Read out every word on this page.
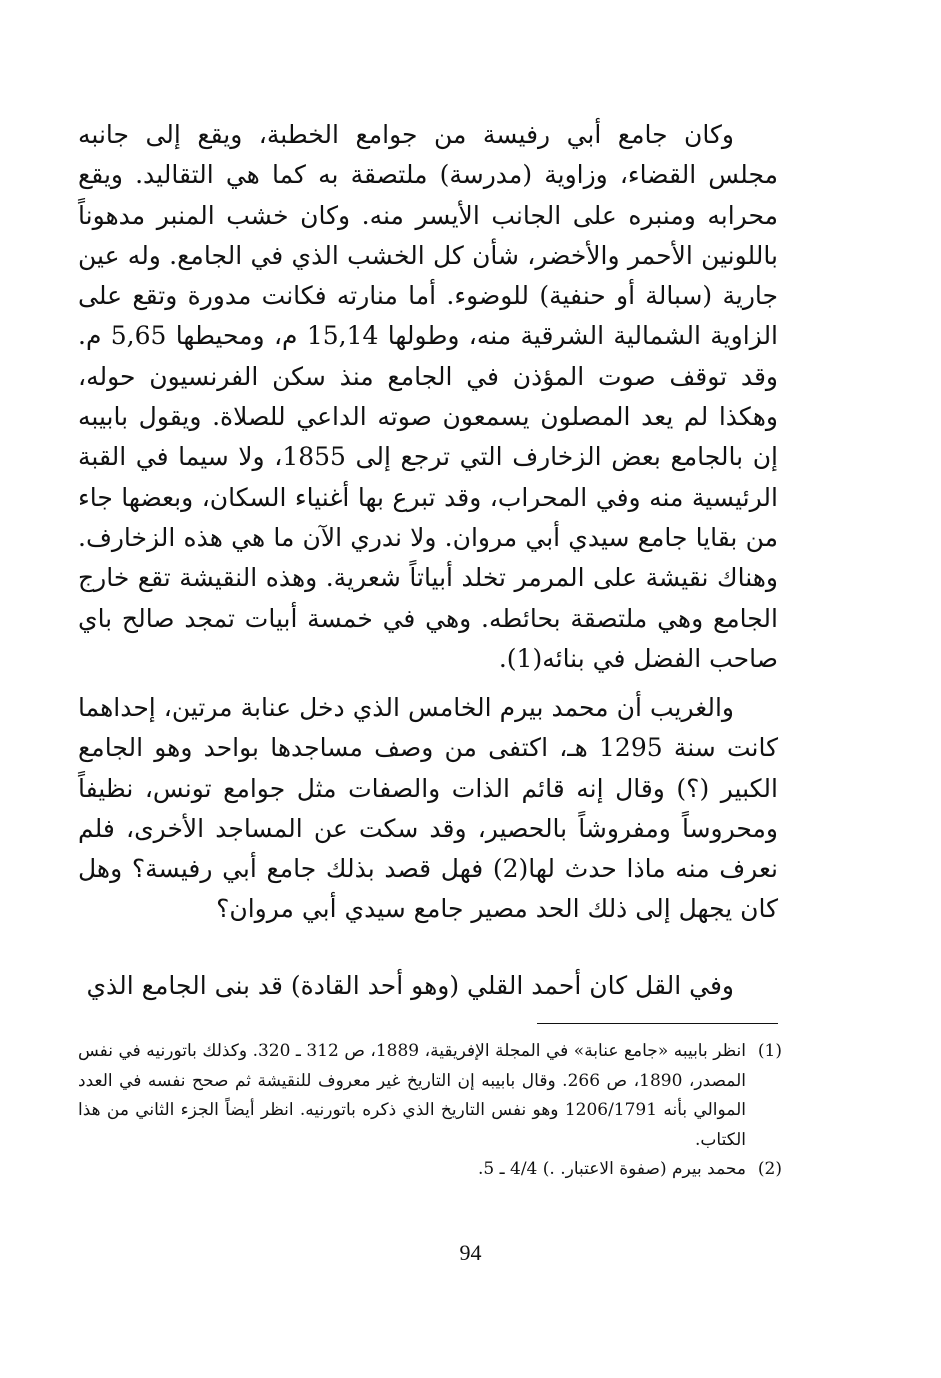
وكان جامع أبي رفيسة من جوامع الخطبة، ويقع إلى جانبه مجلس القضاء، وزاوية (مدرسة) ملتصقة به كما هي التقاليد. ويقع محرابه ومنبره على الجانب الأيسر منه. وكان خشب المنبر مدهوناً باللونين الأحمر والأخضر، شأن كل الخشب الذي في الجامع. وله عين جارية (سبالة أو حنفية) للوضوء. أما منارته فكانت مدورة وتقع على الزاوية الشمالية الشرقية منه، وطولها 15,14 م، ومحيطها 5,65 م. وقد توقف صوت المؤذن في الجامع منذ سكن الفرنسيون حوله، وهكذا لم يعد المصلون يسمعون صوته الداعي للصلاة. ويقول بابيبه إن بالجامع بعض الزخارف التي ترجع إلى 1855، ولا سيما في القبة الرئيسية منه وفي المحراب، وقد تبرع بها أغنياء السكان، وبعضها جاء من بقايا جامع سيدي أبي مروان. ولا ندري الآن ما هي هذه الزخارف. وهناك نقيشة على المرمر تخلد أبياتاً شعرية. وهذه النقيشة تقع خارج الجامع وهي ملتصقة بحائطه. وهي في خمسة أبيات تمجد صالح باي صاحب الفضل في بنائه(1).

والغريب أن محمد بيرم الخامس الذي دخل عنابة مرتين، إحداهما كانت سنة 1295 هـ، اكتفى من وصف مساجدها بواحد وهو الجامع الكبير (؟) وقال إنه قائم الذات والصفات مثل جوامع تونس، نظيفاً ومحروساً ومفروشاً بالحصير، وقد سكت عن المساجد الأخرى، فلم نعرف منه ماذا حدث لها(2) فهل قصد بذلك جامع أبي رفيسة؟ وهل كان يجهل إلى ذلك الحد مصير جامع سيدي أبي مروان؟

وفي القل كان أحمد القلي (وهو أحد القادة) قد بنى الجامع الذي

(1)
انظر بابيبه «جامع عنابة» في المجلة الإفريقية، 1889، ص 312 ـ 320. وكذلك باتورنيه في نفس المصدر، 1890، ص 266. وقال بابيبه إن التاريخ غير معروف للنقيشة ثم صحح نفسه في العدد الموالي بأنه 1206/1791 وهو نفس التاريخ الذي ذكره باتورنيه. انظر أيضاً الجزء الثاني من هذا الكتاب.
(2)
محمد بيرم (صفوة الاعتبار. .) 4/4 ـ 5.
94
